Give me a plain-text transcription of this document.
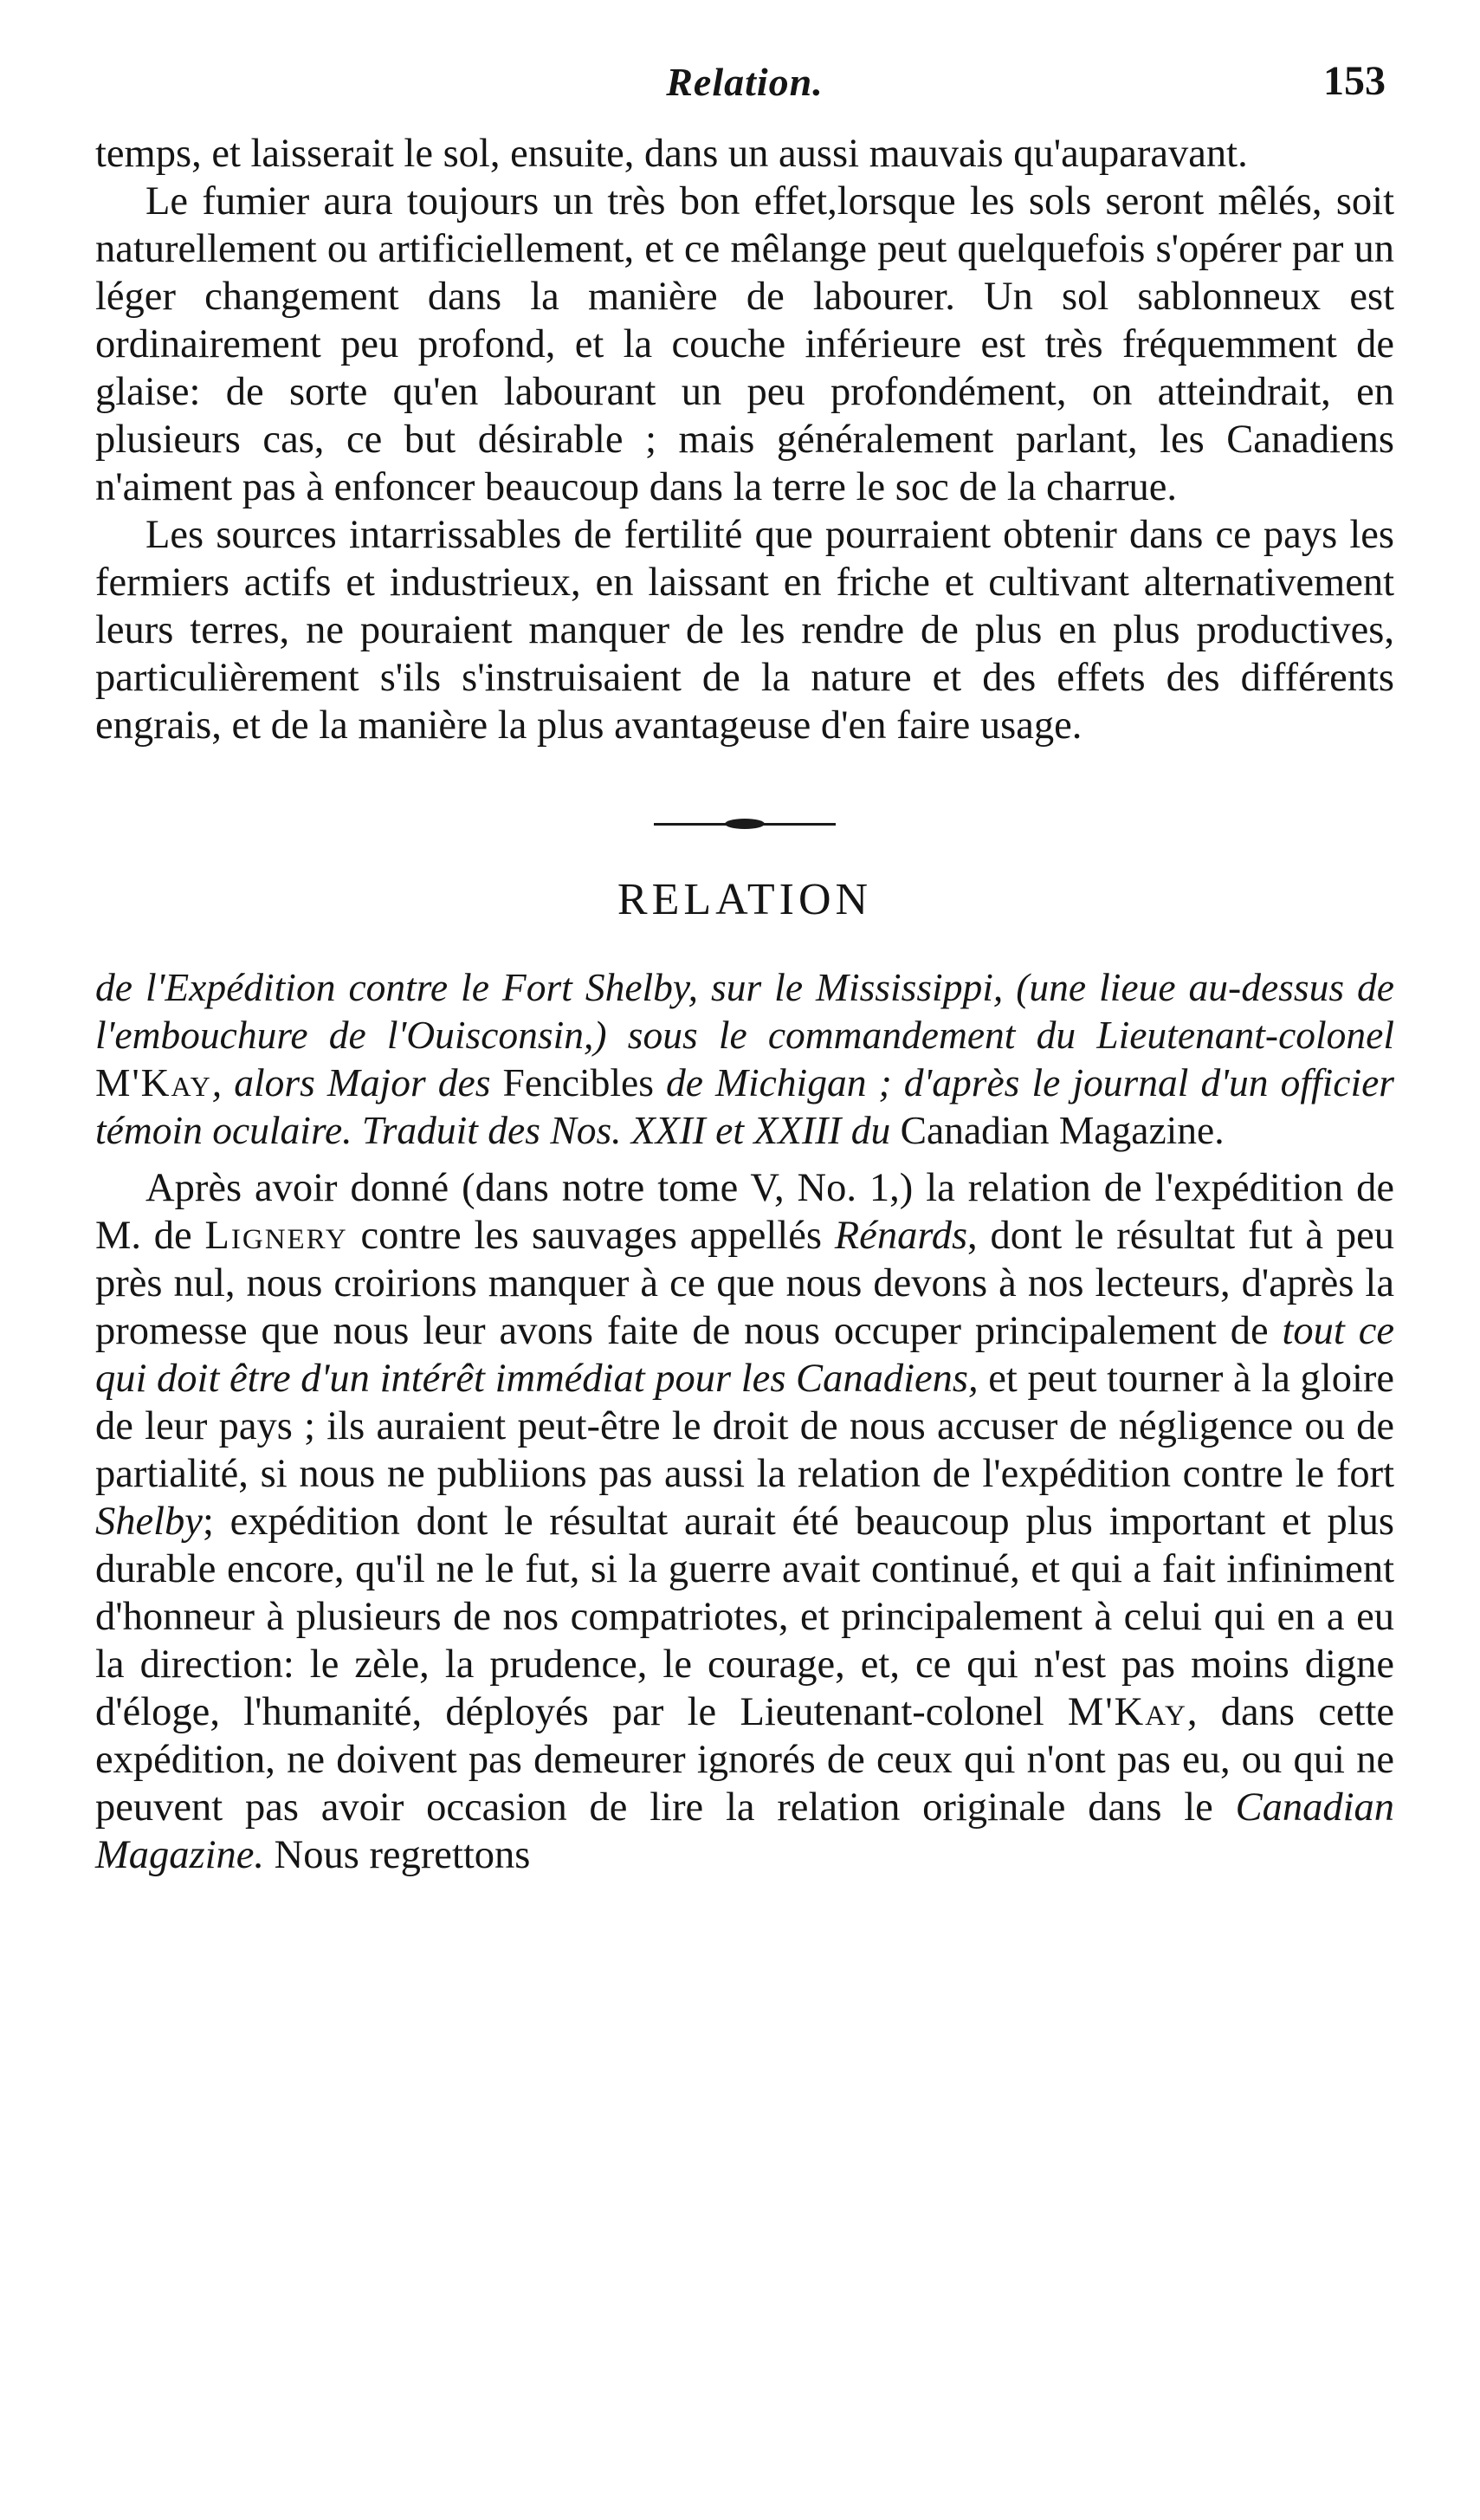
Relation.	153

temps, et laisserait le sol, ensuite, dans un aussi mauvais qu'auparavant.

Le fumier aura toujours un très bon effet,lorsque les sols seront mêlés, soit naturellement ou artificiellement, et ce mêlange peut quelquefois s'opérer par un léger changement dans la manière de labourer. Un sol sablonneux est ordinairement peu profond, et la couche inférieure est très fréquemment de glaise: de sorte qu'en labourant un peu profondément, on atteindrait, en plusieurs cas, ce but désirable ; mais généralement parlant, les Canadiens n'aiment pas à enfoncer beaucoup dans la terre le soc de la charrue.

Les sources intarrissables de fertilité que pourraient obtenir dans ce pays les fermiers actifs et industrieux, en laissant en friche et cultivant alternativement leurs terres, ne pouraient manquer de les rendre de plus en plus productives, particulièrement s'ils s'instruisaient de la nature et des effets des différents engrais, et de la manière la plus avantageuse d'en faire usage.

RELATION

de l'Expédition contre le Fort Shelby, sur le Mississippi, (une lieue au-dessus de l'embouchure de l'Ouisconsin,) sous le commandement du Lieutenant-colonel M'Kay, alors Major des Fencibles de Michigan ; d'après le journal d'un officier témoin oculaire. Traduit des Nos. XXII et XXIII du Canadian Magazine.

Après avoir donné (dans notre tome V, No. 1,) la relation de l'expédition de M. de Lignery contre les sauvages appellés Rénards, dont le résultat fut à peu près nul, nous croirions manquer à ce que nous devons à nos lecteurs, d'après la promesse que nous leur avons faite de nous occuper principalement de tout ce qui doit être d'un intérêt immédiat pour les Canadiens, et peut tourner à la gloire de leur pays ; ils auraient peut-être le droit de nous accuser de négligence ou de partialité, si nous ne publiions pas aussi la relation de l'expédition contre le fort Shelby; expédition dont le résultat aurait été beaucoup plus important et plus durable encore, qu'il ne le fut, si la guerre avait continué, et qui a fait infiniment d'honneur à plusieurs de nos compatriotes, et principalement à celui qui en a eu la direction: le zèle, la prudence, le courage, et, ce qui n'est pas moins digne d'éloge, l'humanité, déployés par le Lieutenant-colonel M'Kay, dans cette expédition, ne doivent pas demeurer ignorés de ceux qui n'ont pas eu, ou qui ne peuvent pas avoir occasion de lire la relation originale dans le Canadian Magazine. Nous regrettons
